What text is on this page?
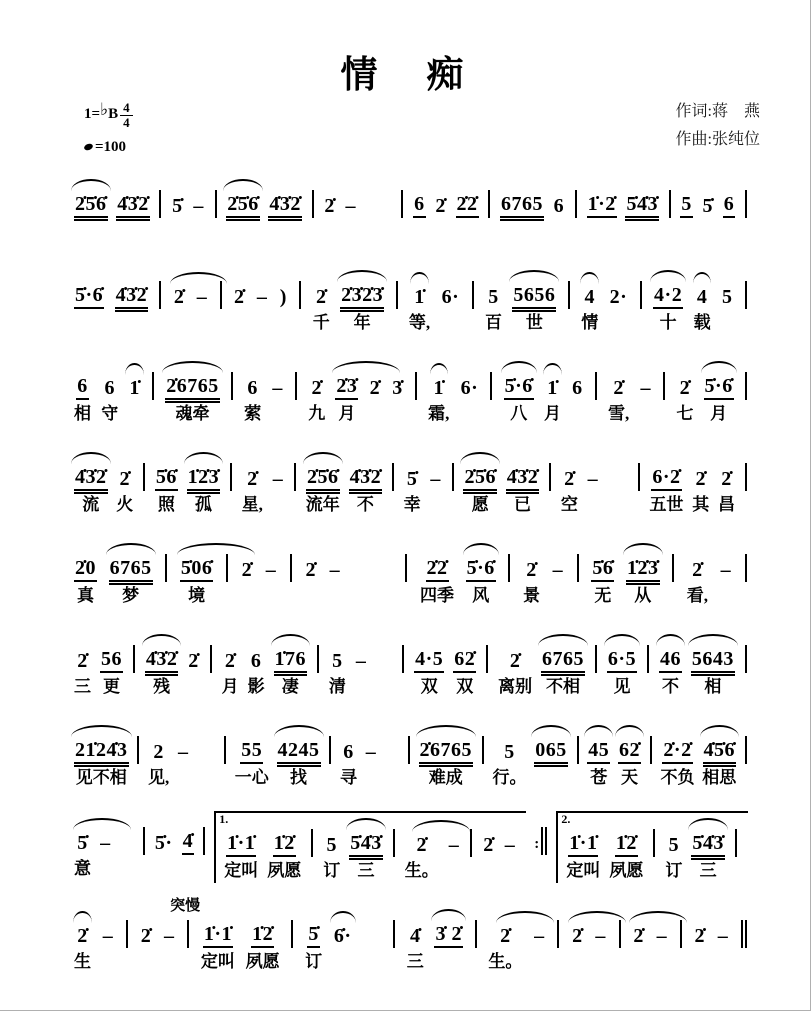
情　痴
1=♭B $\frac{4}{4}$
=100
作词:蒋　燕
作曲:张纯位
2̇5̇6̇ 4̇3̇2̇ 5̇ – 2̇5̇6̇ 4̇3̇2̇ 2̇ –	6 2̇ 2̇2̇ 6765 6 1̇·2̇ 5̇4̇3̇ 5 5̇ 6
5̇·6̇ 4̇3̇2̇ 2̇ – 2̇ – ) 2̇
千
2̇3̇2̇3̇
年
1̇
等,
6· 5
百
5656
世
4
情
2· 4·2
十
4
载
5
6
相
6
守
1̇ 2̇6765
魂牵
6
萦
– 2̇
九
2̇3̇
月
2̇ 3̇ 1̇
霜,
6· 5̇·6̇
八
1̇
月
6 2̇
雪,
– 2̇
七
5̇·6̇
月
4̇3̇2̇
流
2̇
火
5̇6̇
照
1̇2̇3̇
孤
2̇
星,
– 2̇5̇6̇
流年
4̇3̇2̇
不
5̇
幸
– 2̇5̇6̇
愿
4̇3̇2̇
已
2̇
空
–	6·2̇
五世
2̇
其
2̇
昌
2̇0
真
6765
梦
5̇06̇
境
2̇ – 2̇ –	2̇2̇
四季
5̇·6̇
风
2̇
景
– 5̇6̇
无
1̇2̇3̇
从
2̇
看,
–
2̇
三
56
更
4̇3̇2̇
残
2̇ 2̇
月
6
影
1̇76
凄
5
清
– 4·5
双
62̇
双
2̇
离别
6765
不相
6·5
见
46
不
5643
相
21̇24̇3
见不相
2
见,
–	55
一心
4245
找
6
寻
– 2̇6765
难成
5
行。
065 45
苍
62̇
天
2̇·2̇
不负
4̇5̇6̇
相思
5̇
意
– 5̇· 4̇
1.
1̇·1̇
定叫
1̇2̇
夙愿
5
订
5̇4̇3̇
三
2̇
生。
– 2̇ – :
2.
1̇·1̇
定叫
1̇2̇
夙愿
5
订
5̇4̇3̇
三
2̇
生
– 2̇ –
突慢
1̇·1̇
定叫
1̇2̇
夙愿
5̇
订
6̇·	4̇
三
3̇ 2̇ 2̇
生。
– 2̇ – 2̇ – 2̇ –
